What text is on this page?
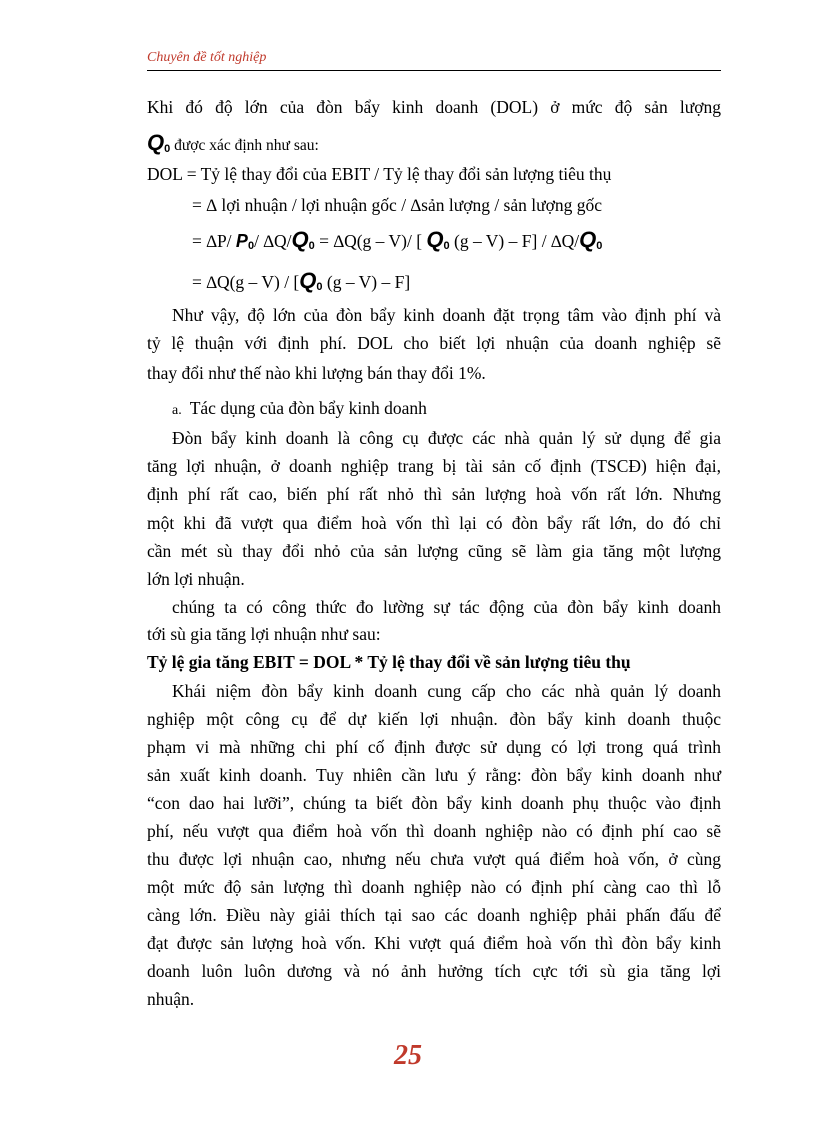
Chuyên đề tốt nghiệp
Khi đó độ lớn của đòn bẩy kinh doanh (DOL) ở mức độ sản lượng
Q0 được xác định như sau:
DOL = Tỷ lệ thay đổi của EBIT / Tỷ lệ thay đổi sản lượng tiêu thụ
= ∆ lợi nhuận / lợi nhuận gốc / ∆sản lượng / sản lượng gốc
= ∆P/ P0/ ∆Q/Q0 = ∆Q(g – V)/ [ Q0 (g – V) – F] / ∆Q/Q0
= ∆Q(g – V) / [Q0 (g – V) – F]
Như vậy, độ lớn của đòn bẩy kinh doanh đặt trọng tâm vào định phí và
tỷ lệ thuận với định phí. DOL cho biết lợi nhuận của doanh nghiệp sẽ
thay đổi như thế nào khi lượng bán thay đổi 1%.
a. Tác dụng của đòn bẩy kinh doanh
Đòn bẩy kinh doanh là công cụ được các nhà quản lý sử dụng để gia
tăng lợi nhuận, ở doanh nghiệp trang bị tài sản cố định (TSCĐ) hiện đại,
định phí rất cao, biến phí rất nhỏ thì sản lượng hoà vốn rất lớn. Nhưng
một khi đã vượt qua điểm hoà vốn thì lại có đòn bẩy rất lớn, do đó chỉ
cần mét sù thay đổi nhỏ của sản lượng cũng sẽ làm gia tăng một lượng
lớn lợi nhuận.
chúng ta có công thức đo lường sự tác động của đòn bẩy kinh doanh
tới sù gia tăng lợi nhuận như sau:
Tỷ lệ gia tăng EBIT = DOL * Tỷ lệ thay đổi về sản lượng tiêu thụ
Khái niệm đòn bẩy kinh doanh cung cấp cho các nhà quản lý doanh
nghiệp một công cụ để dự kiến lợi nhuận. đòn bẩy kinh doanh thuộc
phạm vi mà những chi phí cố định được sử dụng có lợi trong quá trình
sản xuất kinh doanh. Tuy nhiên cần lưu ý rằng: đòn bẩy kinh doanh như
“con dao hai lưỡi”, chúng ta biết đòn bẩy kinh doanh phụ thuộc vào định
phí, nếu vượt qua điểm hoà vốn thì doanh nghiệp nào có định phí cao sẽ
thu được lợi nhuận cao, nhưng nếu chưa vượt quá điểm hoà vốn, ở cùng
một mức độ sản lượng thì doanh nghiệp nào có định phí càng cao thì lỗ
càng lớn. Điều này giải thích tại sao các doanh nghiệp phải phấn đấu để
đạt được sản lượng hoà vốn. Khi vượt quá điểm hoà vốn thì đòn bẩy kinh
doanh luôn luôn dương và nó ảnh hưởng tích cực tới sù gia tăng lợi
nhuận.
25
